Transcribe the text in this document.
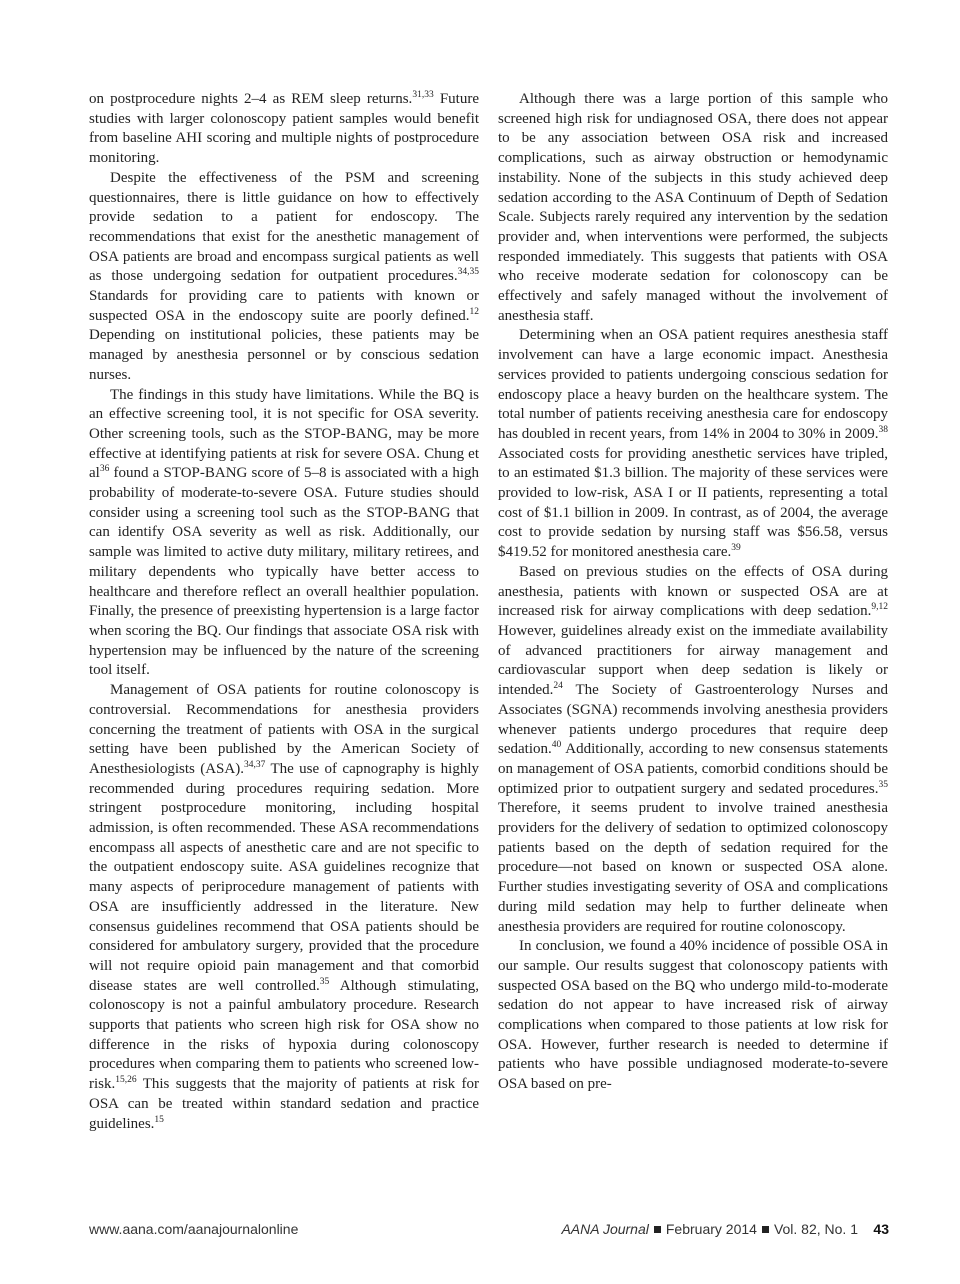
on postprocedure nights 2–4 as REM sleep returns.$^{31,33}$ Future studies with larger colonoscopy patient samples would benefit from baseline AHI scoring and multiple nights of postprocedure monitoring.

Despite the effectiveness of the PSM and screening questionnaires, there is little guidance on how to effectively provide sedation to a patient for endoscopy. The recommendations that exist for the anesthetic management of OSA patients are broad and encompass surgical patients as well as those undergoing sedation for outpatient procedures.$^{34,35}$ Standards for providing care to patients with known or suspected OSA in the endoscopy suite are poorly defined.$^{12}$ Depending on institutional policies, these patients may be managed by anesthesia personnel or by conscious sedation nurses.

The findings in this study have limitations. While the BQ is an effective screening tool, it is not specific for OSA severity. Other screening tools, such as the STOP-BANG, may be more effective at identifying patients at risk for severe OSA. Chung et $al^{36}$ found a STOP-BANG score of 5–8 is associated with a high probability of moderate-to-severe OSA. Future studies should consider using a screening tool such as the STOP-BANG that can identify OSA severity as well as risk. Additionally, our sample was limited to active duty military, military retirees, and military dependents who typically have better access to healthcare and therefore reflect an overall healthier population. Finally, the presence of preexisting hypertension is a large factor when scoring the BQ. Our findings that associate OSA risk with hypertension may be influenced by the nature of the screening tool itself.

Management of OSA patients for routine colonoscopy is controversial. Recommendations for anesthesia providers concerning the treatment of patients with OSA in the surgical setting have been published by the American Society of Anesthesiologists (ASA).$^{34,37}$ The use of capnography is highly recommended during procedures requiring sedation. More stringent postprocedure monitoring, including hospital admission, is often recommended. These ASA recommendations encompass all aspects of anesthetic care and are not specific to the outpatient endoscopy suite. ASA guidelines recognize that many aspects of periprocedure management of patients with OSA are insufficiently addressed in the literature. New consensus guidelines recommend that OSA patients should be considered for ambulatory surgery, provided that the procedure will not require opioid pain management and that comorbid disease states are well controlled.$^{35}$ Although stimulating, colonoscopy is not a painful ambulatory procedure. Research supports that patients who screen high risk for OSA show no difference in the risks of hypoxia during colonoscopy procedures when comparing them to patients who screened low-risk.$^{15,26}$ This suggests that the majority of patients at risk for OSA can be treated within standard sedation and practice guidelines.$^{15}$

Although there was a large portion of this sample who screened high risk for undiagnosed OSA, there does not appear to be any association between OSA risk and increased complications, such as airway obstruction or hemodynamic instability. None of the subjects in this study achieved deep sedation according to the ASA Continuum of Depth of Sedation Scale. Subjects rarely required any intervention by the sedation provider and, when interventions were performed, the subjects responded immediately. This suggests that patients with OSA who receive moderate sedation for colonoscopy can be effectively and safely managed without the involvement of anesthesia staff.

Determining when an OSA patient requires anesthesia staff involvement can have a large economic impact. Anesthesia services provided to patients undergoing conscious sedation for endoscopy place a heavy burden on the healthcare system. The total number of patients receiving anesthesia care for endoscopy has doubled in recent years, from 14% in 2004 to 30% in 2009.38 Associated costs for providing anesthetic services have tripled, to an estimated $1.3 billion. The majority of these services were provided to low-risk, ASA I or II patients, representing a total cost of $1.1 billion in 2009. In contrast, as of 2004, the average cost to provide sedation by nursing staff was $56.58, versus $419.52 for monitored anesthesia care.$^{39}$

Based on previous studies on the effects of OSA during anesthesia, patients with known or suspected OSA are at increased risk for airway complications with deep sedation.$^{9,12}$ However, guidelines already exist on the immediate availability of advanced practitioners for airway management and cardiovascular support when deep sedation is likely or intended.$^{24}$ The Society of Gastroenterology Nurses and Associates (SGNA) recommends involving anesthesia providers whenever patients undergo procedures that require deep sedation.$^{40}$ Additionally, according to new consensus statements on management of OSA patients, comorbid conditions should be optimized prior to outpatient surgery and sedated procedures.$^{35}$ Therefore, it seems prudent to involve trained anesthesia providers for the delivery of sedation to optimized colonoscopy patients based on the depth of sedation required for the procedure—not based on known or suspected OSA alone. Further studies investigating severity of OSA and complications during mild sedation may help to further delineate when anesthesia providers are required for routine colonoscopy.

In conclusion, we found a 40% incidence of possible OSA in our sample. Our results suggest that colonoscopy patients with suspected OSA based on the BQ who undergo mild-to-moderate sedation do not appear to have increased risk of airway complications when compared to those patients at low risk for OSA. However, further research is needed to determine if patients who have possible undiagnosed moderate-to-severe OSA based on pre-

www.aana.com/aanajournalonline	AANA Journal February 2014 Vol. 82, No. 1 43
